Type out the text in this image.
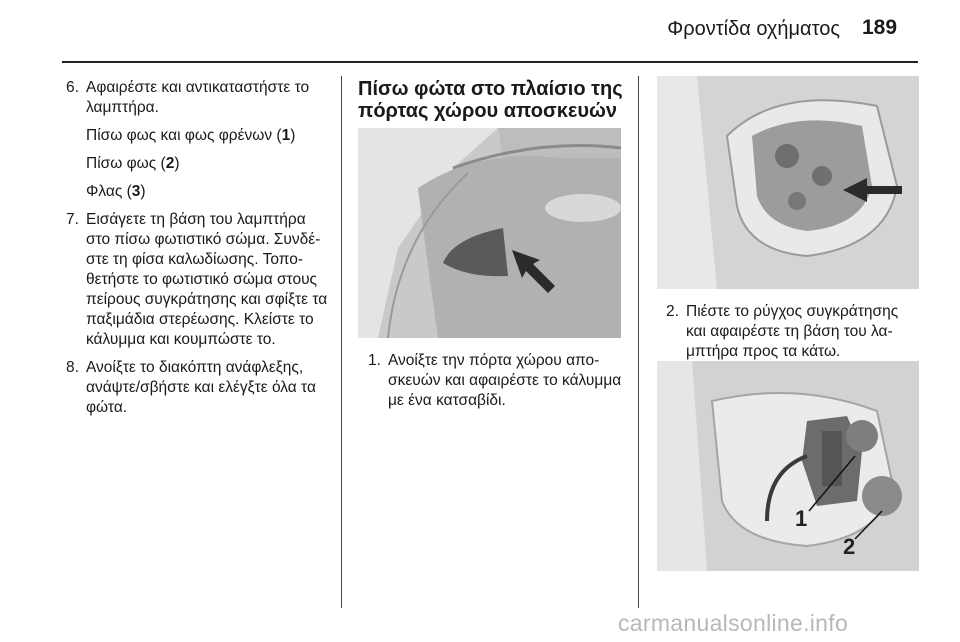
Φροντίδα οχήματος 189
6. Αφαιρέστε και αντικαταστήστε το λαμπτήρα.
Πίσω φως και φως φρένων (1)
Πίσω φως (2)
Φλας (3)
7. Εισάγετε τη βάση του λαμπτήρα στο πίσω φωτιστικό σώμα. Συνδέ-στε τη φίσα καλωδίωσης. Τοπο-θετήστε το φωτιστικό σώμα στους πείρους συγκράτησης και σφίξτε τα παξιμάδια στερέωσης. Κλείστε το κάλυμμα και κουμπώστε το.
8. Ανοίξτε το διακόπτη ανάφλεξης, ανάψτε/σβήστε και ελέγξτε όλα τα φώτα.
Πίσω φώτα στο πλαίσιο της πόρτας χώρου αποσκευών
1. Ανοίξτε την πόρτα χώρου απο-σκευών και αφαιρέστε το κάλυμμα με ένα κατσαβίδι.
2. Πιέστε το ρύγχος συγκράτησης και αφαιρέστε τη βάση του λα-μπτήρα προς τα κάτω.
1
2
carmanualsonline.info
